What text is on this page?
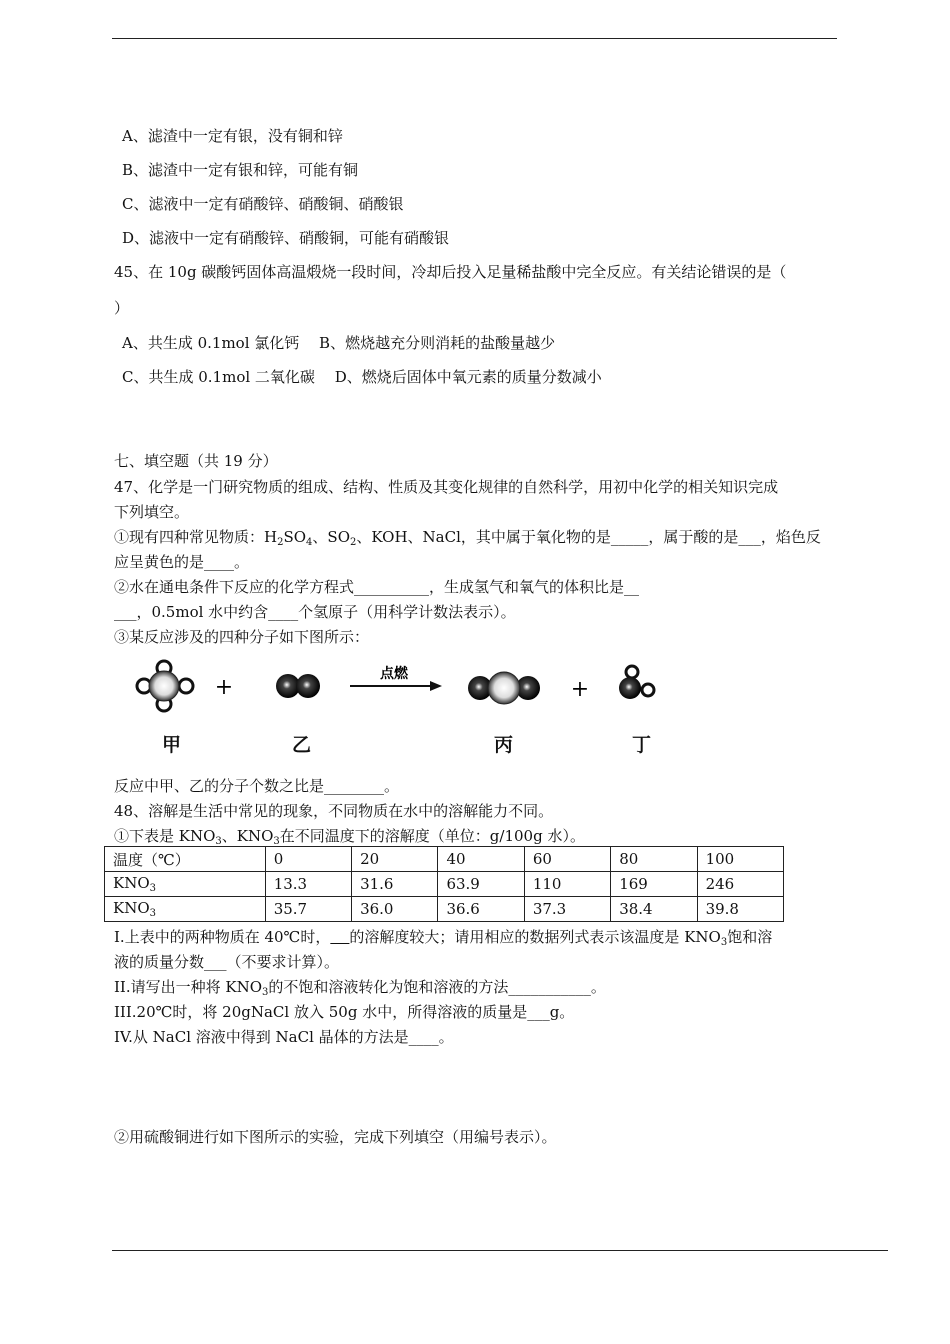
A、滤渣中一定有银，没有铜和锌
B、滤渣中一定有银和锌，可能有铜
C、滤液中一定有硝酸锌、硝酸铜、硝酸银
D、滤液中一定有硝酸锌、硝酸铜，可能有硝酸银
45、在 10g 碳酸钙固体高温煅烧一段时间，冷却后投入足量稀盐酸中完全反应。有关结论错误的是（
）
A、共生成 0.1mol 氯化钙　 B、燃烧越充分则消耗的盐酸量越少
C、共生成 0.1mol 二氧化碳　 D、燃烧后固体中氧元素的质量分数减小
七、填空题（共 19 分）
47、化学是一门研究物质的组成、结构、性质及其变化规律的自然科学，用初中化学的相关知识完成
下列填空。
①现有四种常见物质：$H_2SO_4$、$SO_2$、KOH、NaCl，其中属于氧化物的是_____，属于酸的是___，焰色反
应呈黄色的是____。
②水在通电条件下反应的化学方程式__________，生成氢气和氧气的体积比是__
___，0.5mol 水中约含____个氢原子（用科学计数法表示）。
③某反应涉及的四种分子如下图所示：
+
点燃
+
甲	乙	丙	丁
反应中甲、乙的分子个数之比是________。
48、溶解是生活中常见的现象，不同物质在水中的溶解能力不同。
①下表是 $KNO_3$、$KNO_3$在不同温度下的溶解度（单位：g/100g 水）。
温度（℃）	0	20	40	60	80	100
$KNO_3$	13.3	31.6	63.9	110	169	246
$KNO_3$	35.7	36.0	36.6	37.3	38.4	39.8
I.上表中的两种物质在 40℃时， 的溶解度较大；请用相应的数据列式表示该温度是 $KNO_3$饱和溶
液的质量分数___（不要求计算）。
II.请写出一种将 $KNO_3$的不饱和溶液转化为饱和溶液的方法___________。
III.20℃时，将 20gNaCl 放入 50g 水中，所得溶液的质量是___g。
IV.从 NaCl 溶液中得到 NaCl 晶体的方法是____。
②用硫酸铜进行如下图所示的实验，完成下列填空（用编号表示）。
